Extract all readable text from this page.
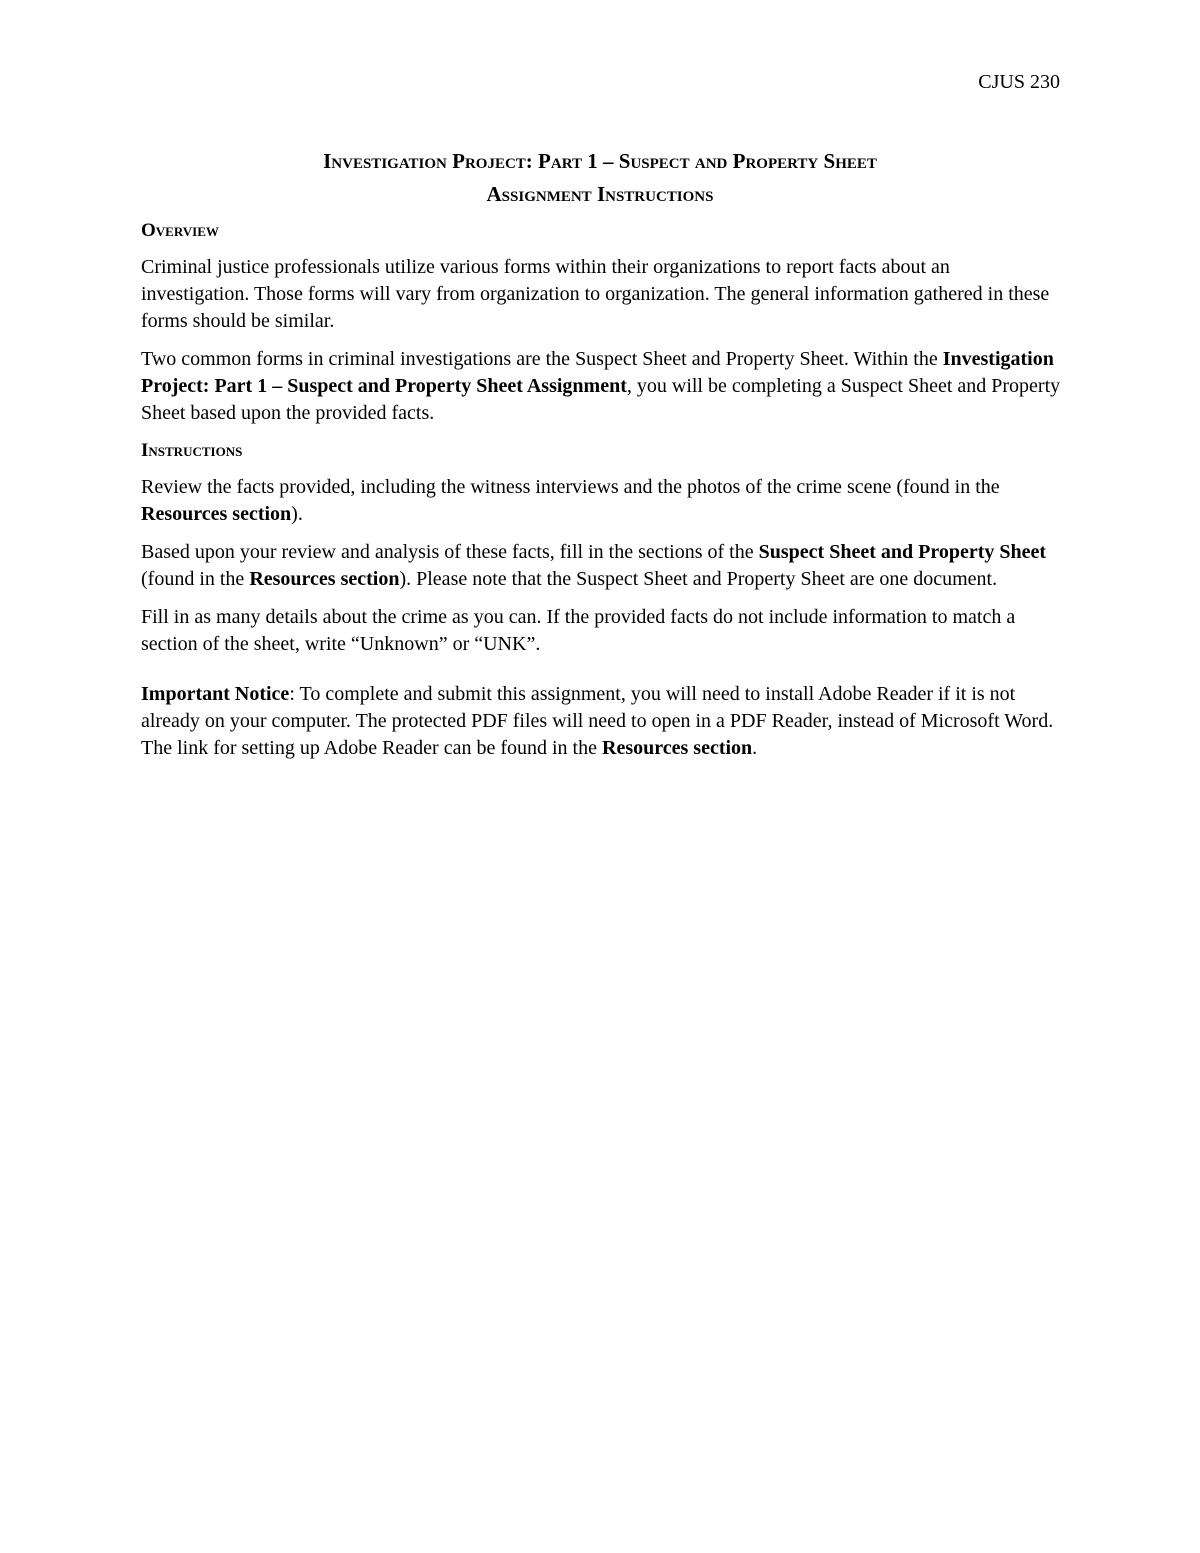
CJUS 230
Investigation Project: Part 1 – Suspect and Property Sheet
Assignment Instructions
Overview

Criminal justice professionals utilize various forms within their organizations to report facts about an investigation. Those forms will vary from organization to organization. The general information gathered in these forms should be similar.

Two common forms in criminal investigations are the Suspect Sheet and Property Sheet. Within the Investigation Project: Part 1 – Suspect and Property Sheet Assignment, you will be completing a Suspect Sheet and Property Sheet based upon the provided facts.

Instructions

Review the facts provided, including the witness interviews and the photos of the crime scene (found in the Resources section).

Based upon your review and analysis of these facts, fill in the sections of the Suspect Sheet and Property Sheet (found in the Resources section). Please note that the Suspect Sheet and Property Sheet are one document.

Fill in as many details about the crime as you can. If the provided facts do not include information to match a section of the sheet, write “Unknown” or “UNK”.

Important Notice: To complete and submit this assignment, you will need to install Adobe Reader if it is not already on your computer. The protected PDF files will need to open in a PDF Reader, instead of Microsoft Word. The link for setting up Adobe Reader can be found in the Resources section.
